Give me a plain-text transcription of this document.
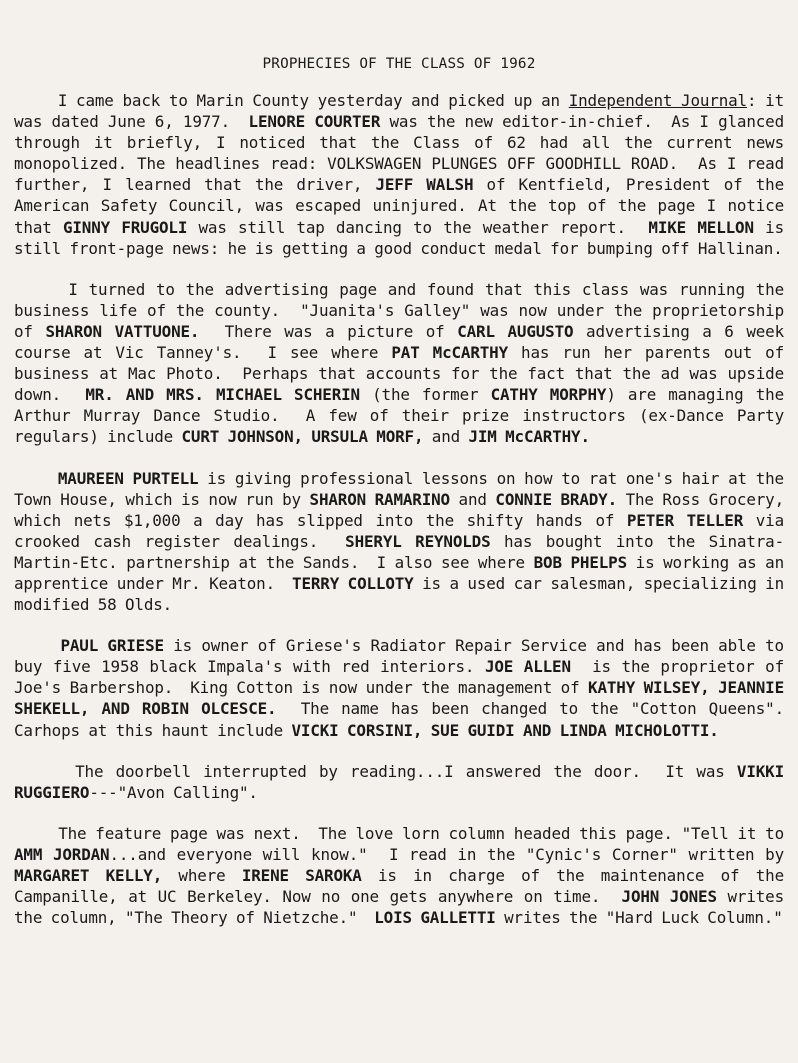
PROPHECIES OF THE CLASS OF 1962

I came back to Marin County yesterday and picked up an Independent Journal: it was dated June 6, 1977.  LENORE COURTER was the new editor-in-chief.  As I glanced through it briefly, I noticed that the Class of 62 had all the current news monopolized. The headlines read: VOLKSWAGEN PLUNGES OFF GOODHILL ROAD.  As I read further, I learned that the driver, JEFF WALSH of Kentfield, President of the American Safety Council, was escaped uninjured. At the top of the page I notice that GINNY FRUGOLI was still tap dancing to the weather report.  MIKE MELLON is still front-page news: he is getting a good conduct medal for bumping off Hallinan.

I turned to the advertising page and found that this class was running the business life of the county.  "Juanita's Galley" was now under the proprietorship of SHARON VATTUONE.  There was a picture of CARL AUGUSTO advertising a 6 week course at Vic Tanney's.  I see where PAT McCARTHY has run her parents out of business at Mac Photo.  Perhaps that accounts for the fact that the ad was upside down.  MR. AND MRS. MICHAEL SCHERIN (the former CATHY MORPHY) are managing the Arthur Murray Dance Studio.  A few of their prize instructors (ex-Dance Party regulars) include CURT JOHNSON, URSULA MORF, and JIM McCARTHY.

MAUREEN PURTELL is giving professional lessons on how to rat one's hair at the Town House, which is now run by SHARON RAMARINO and CONNIE BRADY. The Ross Grocery, which nets $1,000 a day has slipped into the shifty hands of PETER TELLER via crooked cash register dealings.  SHERYL REYNOLDS has bought into the Sinatra-Martin-Etc. partnership at the Sands.  I also see where BOB PHELPS is working as an apprentice under Mr. Keaton.  TERRY COLLOTY is a used car salesman, specializing in modified 58 Olds.

PAUL GRIESE is owner of Griese's Radiator Repair Service and has been able to buy five 1958 black Impala's with red interiors. JOE ALLEN  is the proprietor of Joe's Barbershop.  King Cotton is now under the management of KATHY WILSEY, JEANNIE SHEKELL, AND ROBIN OLCESCE.  The name has been changed to the "Cotton Queens". Carhops at this haunt include VICKI CORSINI, SUE GUIDI AND LINDA MICHOLOTTI.

The doorbell interrupted by reading...I answered the door.  It was VIKKI RUGGIERO---"Avon Calling".

The feature page was next.  The love lorn column headed this page. "Tell it to AMM JORDAN...and everyone will know."  I read in the "Cynic's Corner" written by MARGARET KELLY, where IRENE SAROKA is in charge of the maintenance of the Campanille, at UC Berkeley. Now no one gets anywhere on time.  JOHN JONES writes the column, "The Theory of Nietzche."  LOIS GALLETTI writes the "Hard Luck Column."
